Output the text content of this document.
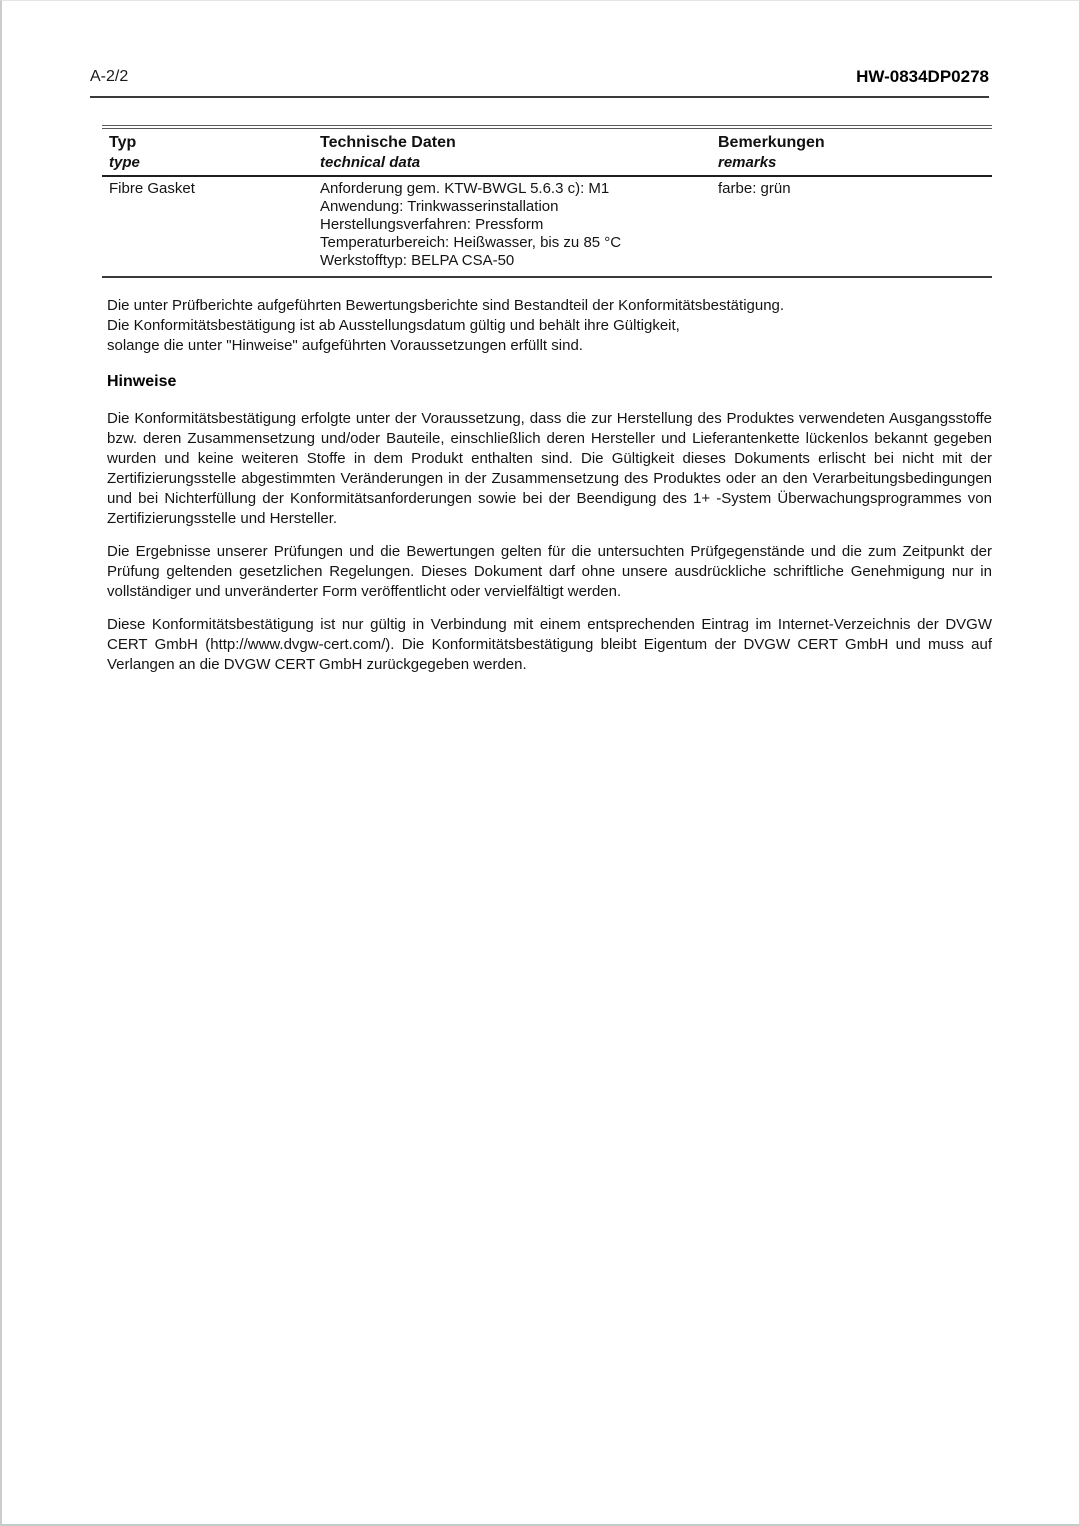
A-2/2	HW-0834DP0278
Typ
type
Technische Daten
technical data
Bemerkungen
remarks
Fibre Gasket	Anforderung gem. KTW-BWGL 5.6.3 c): M1
Anwendung: Trinkwasserinstallation
Herstellungsverfahren: Pressform
Temperaturbereich: Heißwasser, bis zu 85 °C
Werkstofftyp: BELPA CSA-50
farbe: grün
Die unter Prüfberichte aufgeführten Bewertungsberichte sind Bestandteil der Konformitätsbestätigung.
Die Konformitätsbestätigung ist ab Ausstellungsdatum gültig und behält ihre Gültigkeit,
solange die unter "Hinweise" aufgeführten Voraussetzungen erfüllt sind.
Hinweise

Die Konformitätsbestätigung erfolgte unter der Voraussetzung, dass die zur Herstellung des Produktes verwendeten Ausgangsstoffe bzw. deren Zusammensetzung und/oder Bauteile, einschließlich deren Hersteller und Lieferantenkette lückenlos bekannt gegeben wurden und keine weiteren Stoffe in dem Produkt enthalten sind. Die Gültigkeit dieses Dokuments erlischt bei nicht mit der Zertifizierungsstelle abgestimmten Veränderungen in der Zusammensetzung des Produktes oder an den Verarbeitungsbedingungen und bei Nichterfüllung der Konformitätsanforderungen sowie bei der Beendigung des 1+ -System Überwachungsprogrammes von Zertifizierungsstelle und Hersteller.

Die Ergebnisse unserer Prüfungen und die Bewertungen gelten für die untersuchten Prüfgegenstände und die zum Zeitpunkt der Prüfung geltenden gesetzlichen Regelungen. Dieses Dokument darf ohne unsere ausdrückliche schriftliche Genehmigung nur in vollständiger und unveränderter Form veröffentlicht oder vervielfältigt werden.

Diese Konformitätsbestätigung ist nur gültig in Verbindung mit einem entsprechenden Eintrag im Internet-Verzeichnis der DVGW CERT GmbH (http://www.dvgw-cert.com/). Die Konformitätsbestätigung bleibt Eigentum der DVGW CERT GmbH und muss auf Verlangen an die DVGW CERT GmbH zurückgegeben werden.
